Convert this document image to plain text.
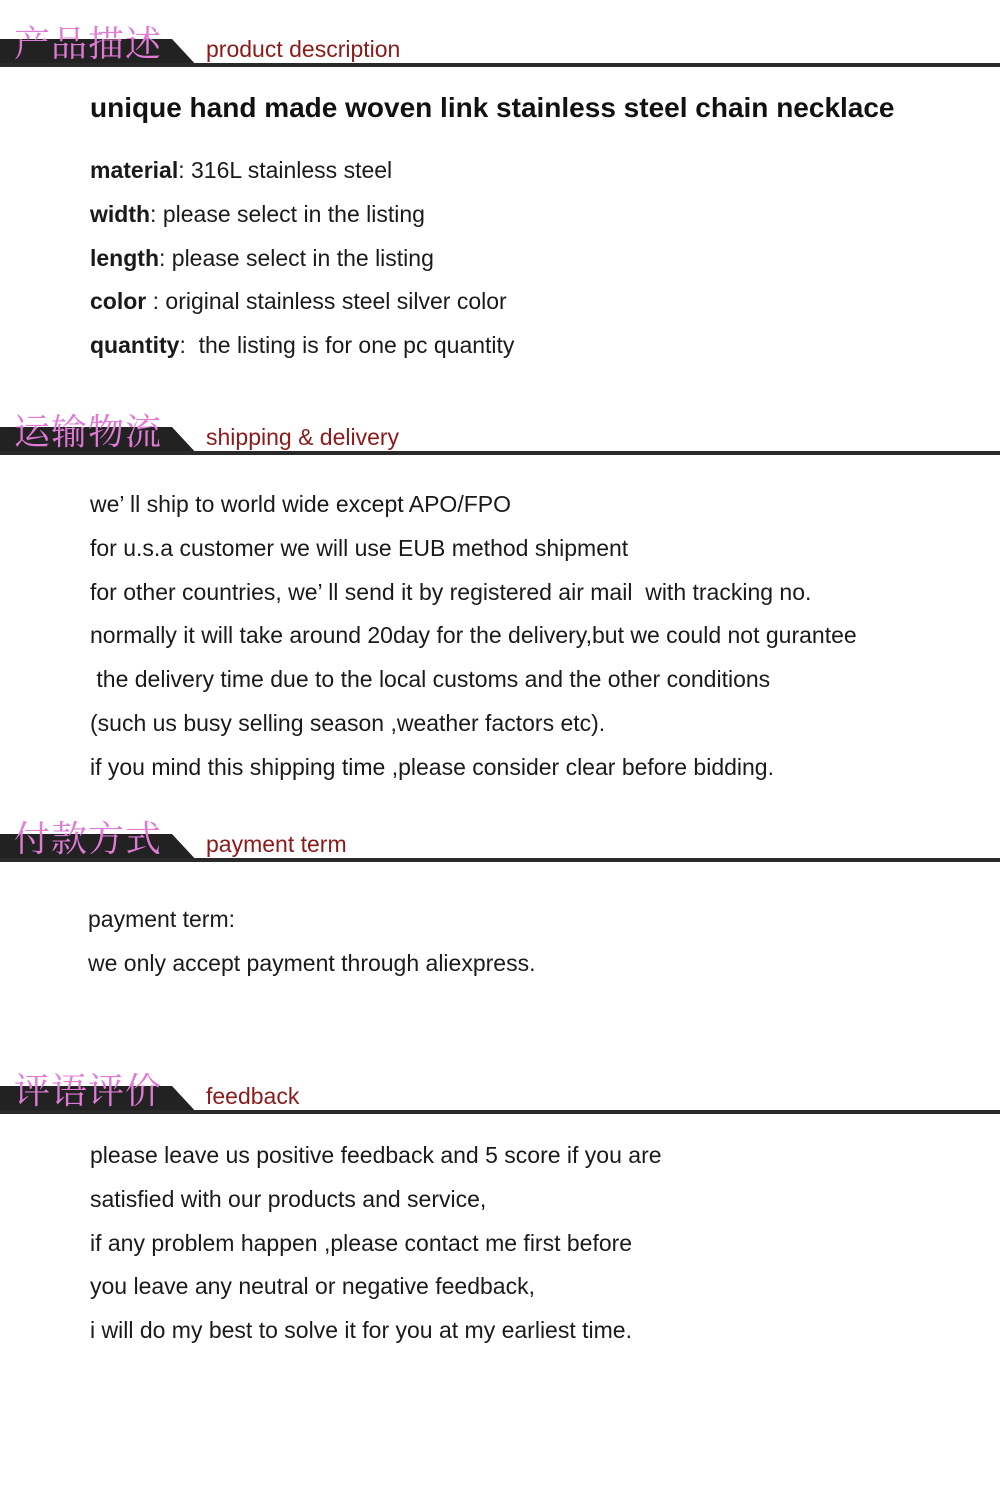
产品描述 product description
unique hand made woven link stainless steel chain necklace
material: 316L stainless steel
width: please select in the listing
length: please select in the listing
color : original stainless steel silver color
quantity:  the listing is for one pc quantity
运输物流 shipping & delivery
we’ ll ship to world wide except APO/FPO
for u.s.a customer we will use EUB method shipment
for other countries, we’ ll send it by registered air mail  with tracking no.
normally it will take around 20day for the delivery,but we could not gurantee
the delivery time due to the local customs and the other conditions
(such us busy selling season ,weather factors etc).
if you mind this shipping time ,please consider clear before bidding.
付款方式 payment term
payment term:
we only accept payment through aliexpress.
评语评价 feedback
please leave us positive feedback and 5 score if you are
satisfied with our products and service,
if any problem happen ,please contact me first before
you leave any neutral or negative feedback,
i will do my best to solve it for you at my earliest time.
